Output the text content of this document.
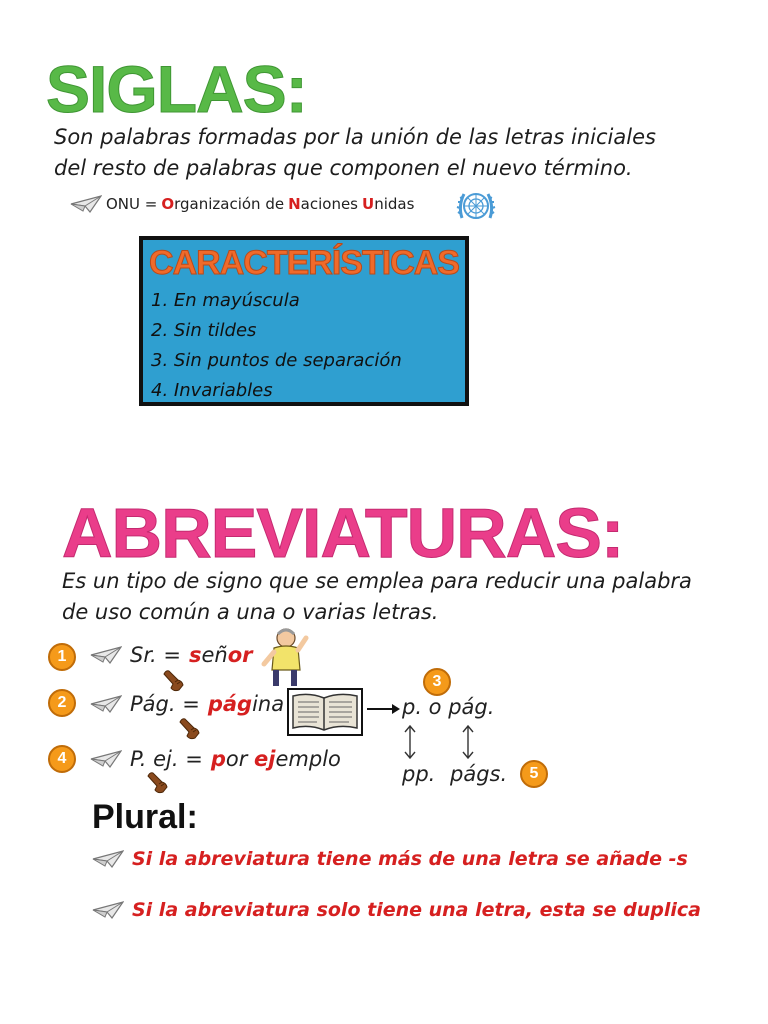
SIGLAS:

Son palabras formadas por la unión de las letras iniciales del resto de palabras que componen el nuevo término.

ONU = Organización de Naciones Unidas
CARACTERÍSTICAS
1. En mayúscula
2. Sin tildes
3. Sin puntos de separación
4. Invariables
ABREVIATURAS:

Es un tipo de signo que se emplea para reducir una palabra de uso común a una o varias letras.

1
2
3
4
5
Sr. = señor
Pág. = página	p. o pág.
pp. págs.
P. ej. = por ejemplo
Plural:
Si la abreviatura tiene más de una letra se añade -s
Si la abreviatura solo tiene una letra, esta se duplica
